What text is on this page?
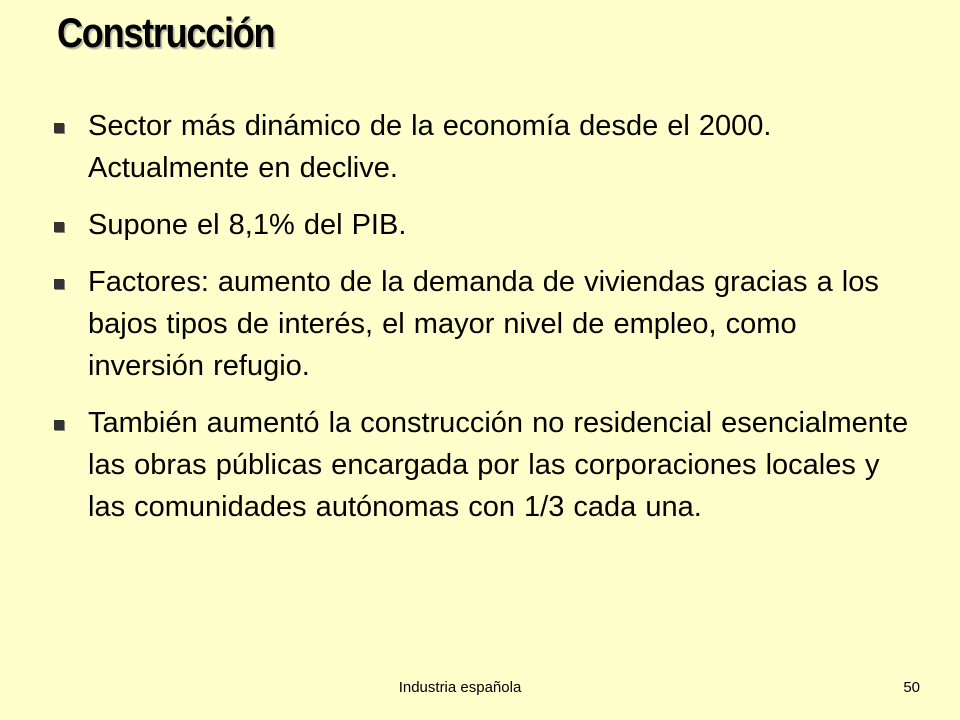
Construcción
Sector más dinámico de la economía desde el 2000. Actualmente en declive.
Supone el 8,1% del PIB.
Factores: aumento de la demanda de viviendas gracias a los bajos tipos de interés, el mayor nivel de empleo, como inversión refugio.
También aumentó la construcción no residencial esencialmente las obras públicas encargada por las corporaciones locales y las comunidades autónomas con 1/3 cada una.
Industria española	50
